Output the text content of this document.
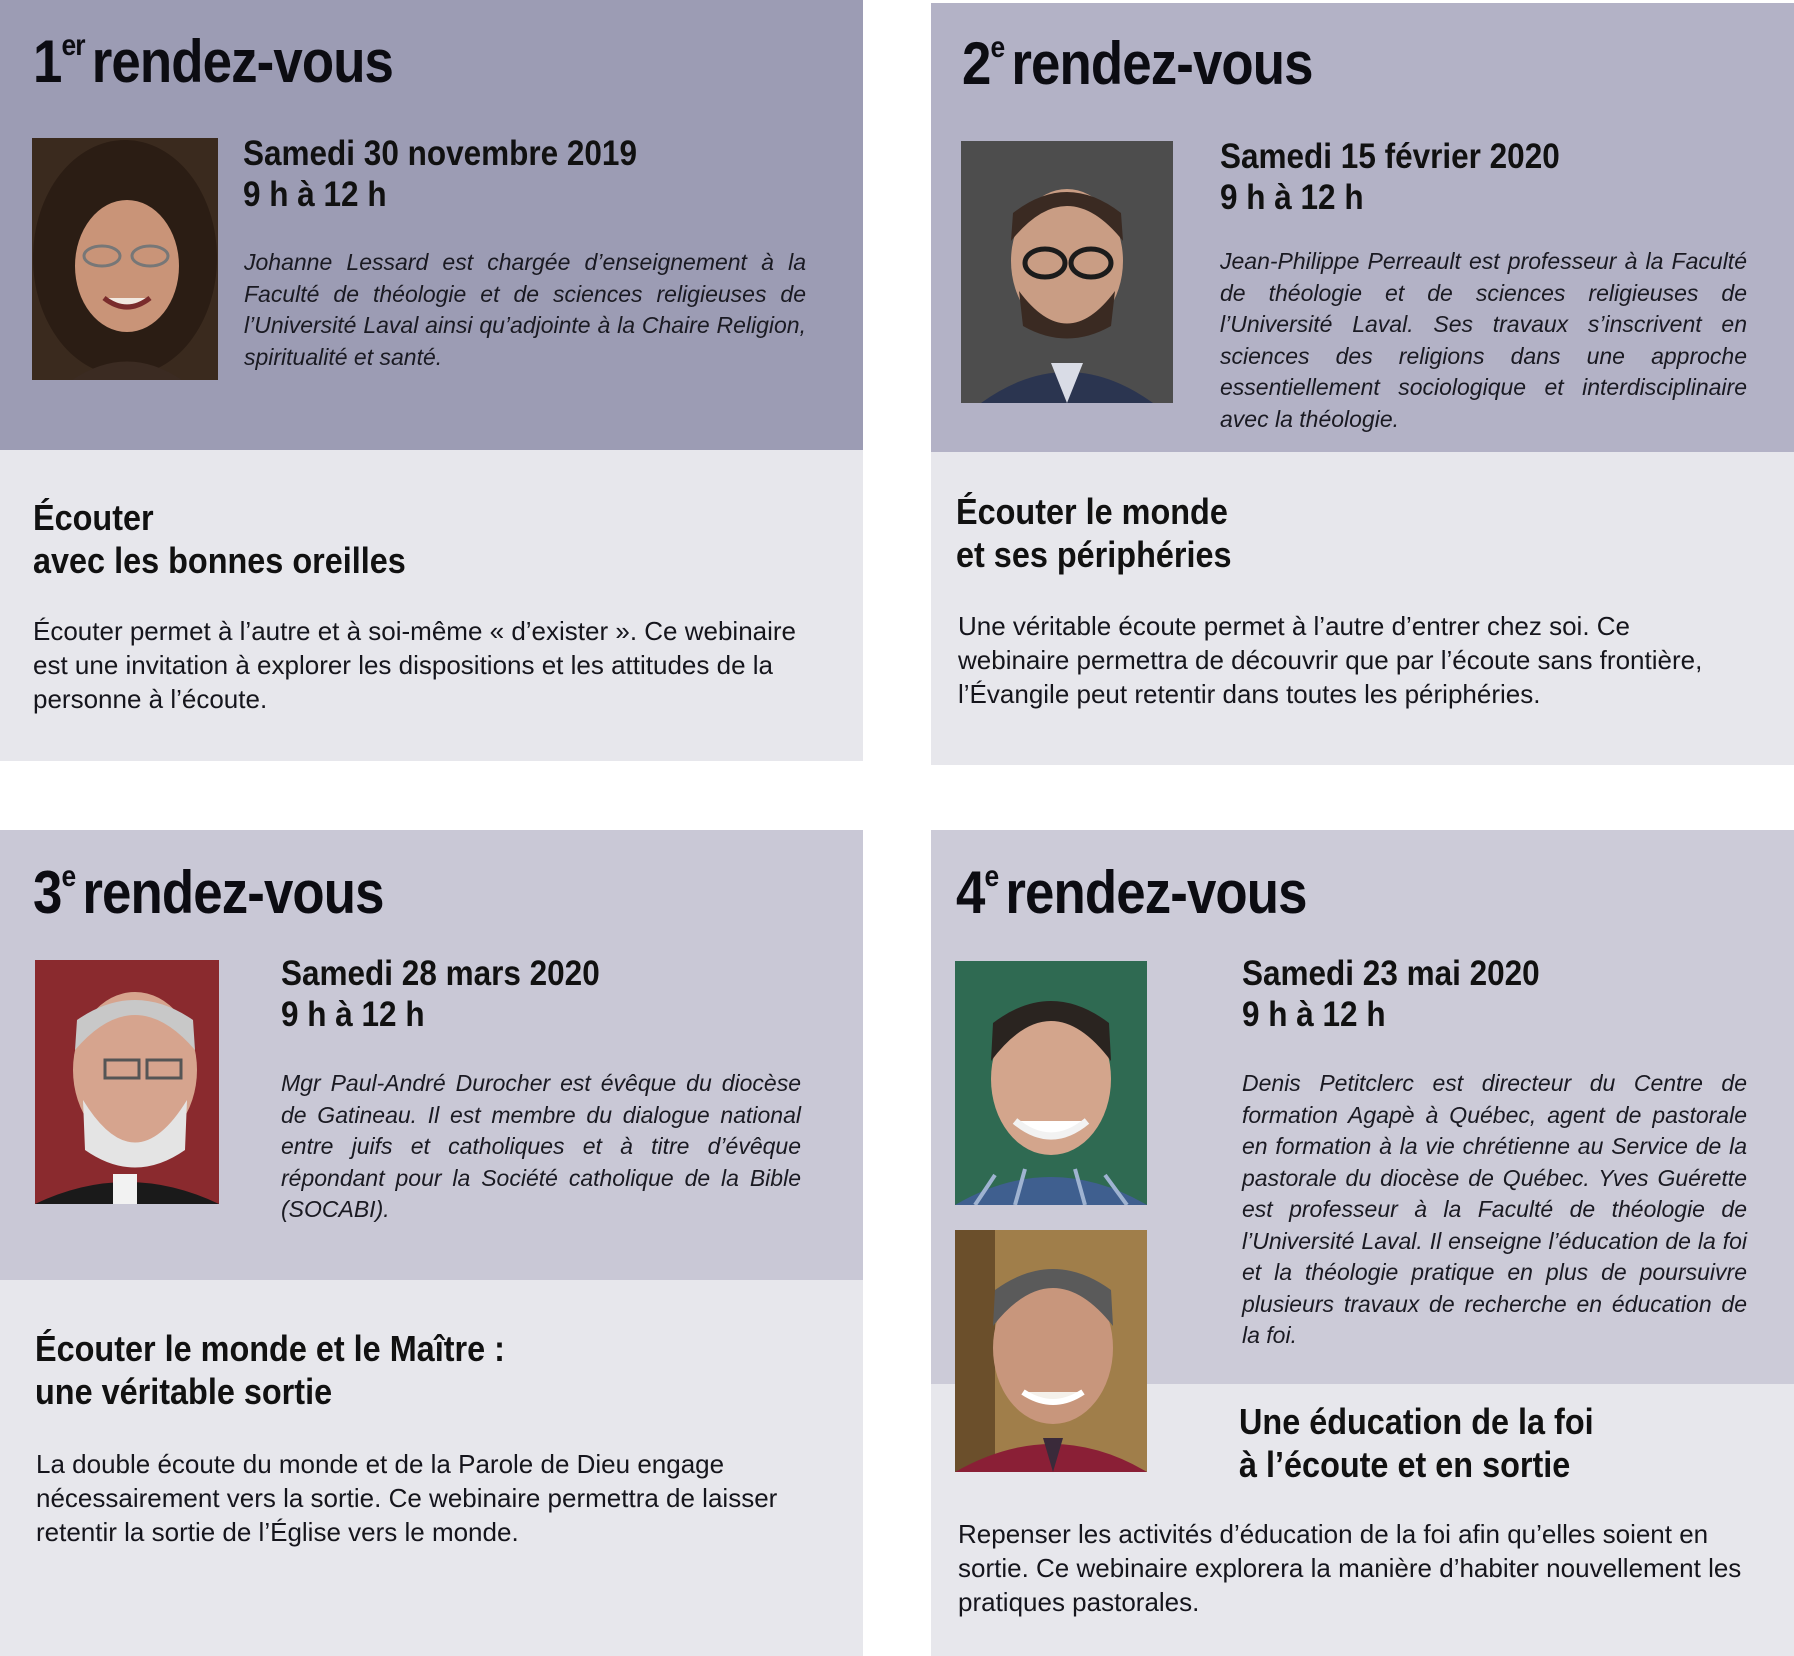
1er rendez-vous
Samedi 30 novembre 2019
9 h à 12 h

Johanne Lessard est chargée d’enseignement à la Faculté de théologie et de sciences religieuses de l’Université Laval ainsi qu’adjointe à la Chaire Religion, spiritualité et santé.

Écouter
avec les bonnes oreilles

Écouter permet à l’autre et à soi-même « d’exister ». Ce webinaire est une invitation à explorer les dispositions et les attitudes de la personne à l’écoute.

2e rendez-vous
Samedi 15 février 2020
9 h à 12 h

Jean-Philippe Perreault est professeur à la Faculté de théologie et de sciences religieuses de l’Université Laval. Ses travaux s’inscrivent en sciences des religions dans une approche essentiellement sociologique et interdisciplinaire avec la théologie.

Écouter le monde
et ses périphéries

Une véritable écoute permet à l’autre d’entrer chez soi. Ce webinaire permettra de découvrir que par l’écoute sans frontière, l’Évangile peut retentir dans toutes les périphéries.

3e rendez-vous
Samedi 28 mars 2020
9 h à 12 h

Mgr Paul-André Durocher est évêque du diocèse de Gatineau. Il est membre du dialogue national entre juifs et catholiques et à titre d’évêque répondant pour la Société catholique de la Bible (SOCABI).

Écouter le monde et le Maître :
une véritable sortie

La double écoute du monde et de la Parole de Dieu engage nécessairement vers la sortie. Ce webinaire permettra de laisser retentir la sortie de l’Église vers le monde.

4e rendez-vous
Samedi 23 mai 2020
9 h à 12 h

Denis Petitclerc est directeur du Centre de formation Agapè à Québec, agent de pastorale en formation à la vie chrétienne au Service de la pastorale du diocèse de Québec. Yves Guérette est professeur à la Faculté de théologie de l’Université Laval. Il enseigne l’éducation de la foi et la théologie pratique en plus de poursuivre plusieurs travaux de recherche en éducation de la foi.

Une éducation de la foi
à l’écoute et en sortie

Repenser les activités d’éducation de la foi afin qu’elles soient en sortie. Ce webinaire explorera la manière d’habiter nouvellement les pratiques pastorales.
